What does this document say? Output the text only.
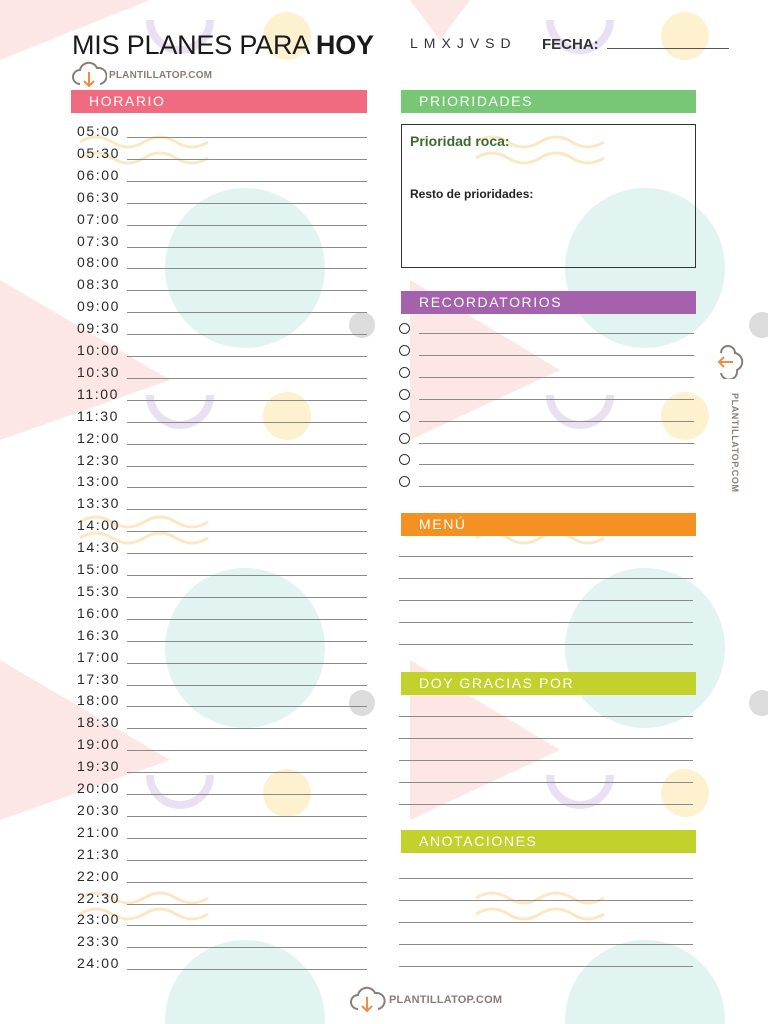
MIS PLANES PARA HOY	L M X J V S D	FECHA:
PLANTILLATOP.COM
HORARIO	PRIORIDADES
RECORDATORIOS
MENÚ
DOY GRACIAS POR
ANOTACIONES
05:00
05:30
06:00
06:30
07:00
07:30
08:00
08:30
09:00
09:30
10:00
10:30
11:00
11:30
12:00
12:30
13:00
13:30
14:00
14:30
15:00
15:30
16:00
16:30
17:00
17:30
18:00
18:30
19:00
19:30
20:00
20:30
21:00
21:30
22:00
22:30
23:00
23:30
24:00
Prioridad roca:
Resto de prioridades:
PLANTILLATOP.COM
PLANTILLATOP.COM
